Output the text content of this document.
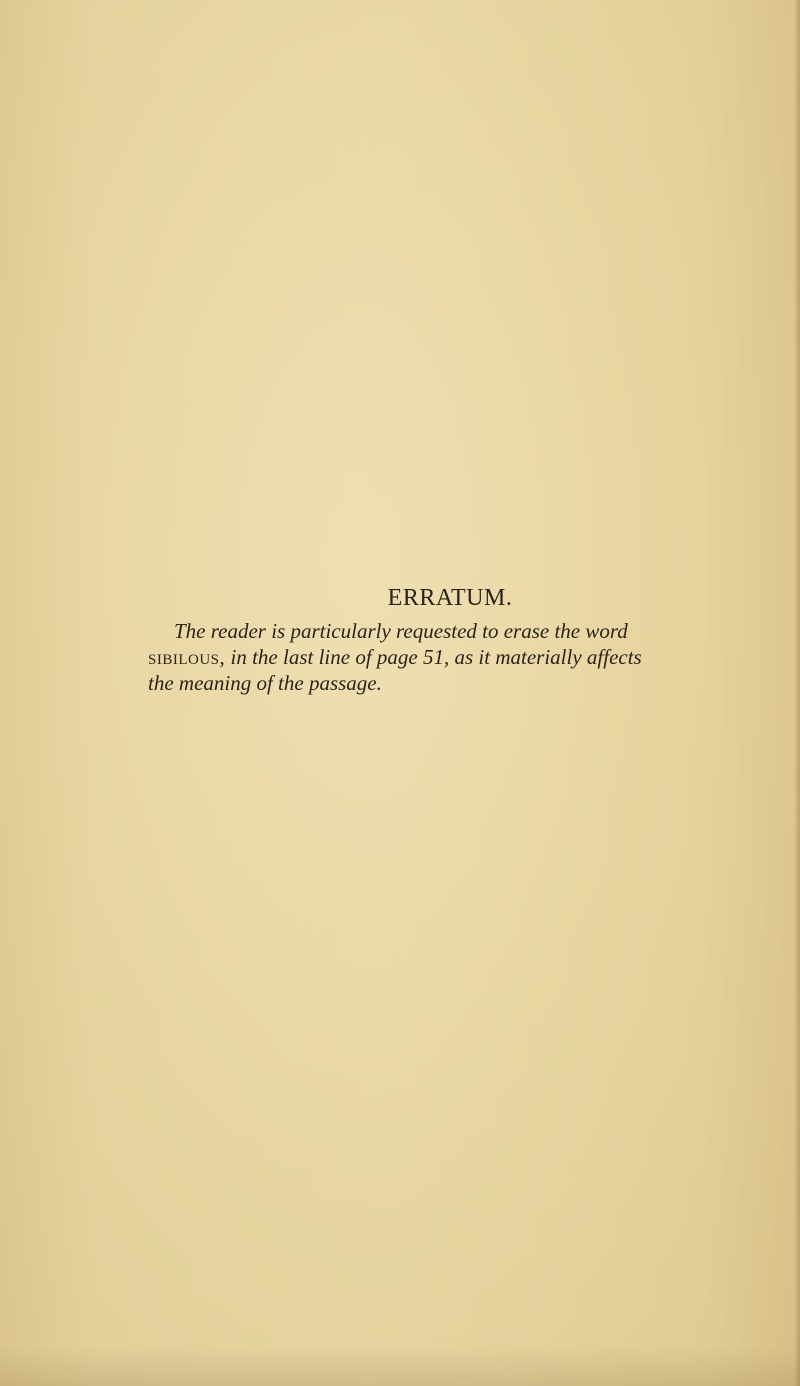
ERRATUM.

The reader is particularly requested to erase the word
sibilous, in the last line of page 51, as it materially affects
the meaning of the passage.
